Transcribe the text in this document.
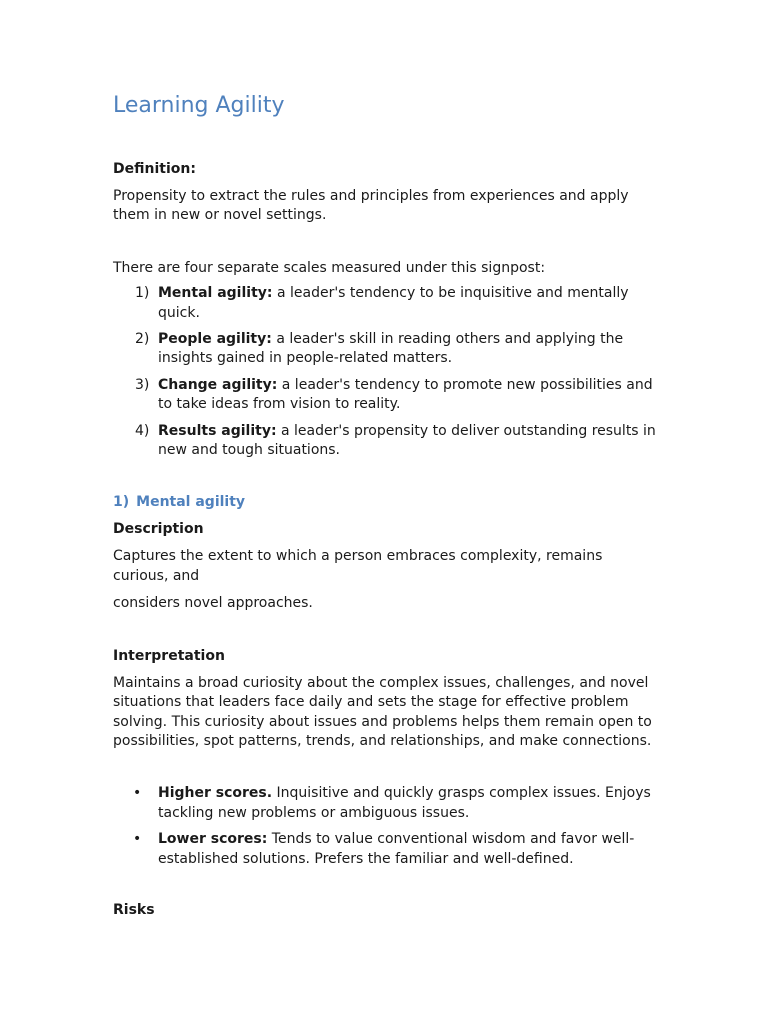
Learning Agility
Definition:

Propensity to extract the rules and principles from experiences and apply them in new or novel settings.

There are four separate scales measured under this signpost:

1) Mental agility: a leader's tendency to be inquisitive and mentally quick.
2) People agility: a leader's skill in reading others and applying the insights gained in people-related matters.
3) Change agility: a leader's tendency to promote new possibilities and to take ideas from vision to reality.
4) Results agility: a leader's propensity to deliver outstanding results in new and tough situations.
1) Mental agility
Description

Captures the extent to which a person embraces complexity, remains curious, and

considers novel approaches.

Interpretation

Maintains a broad curiosity about the complex issues, challenges, and novel situations that leaders face daily and sets the stage for effective problem solving. This curiosity about issues and problems helps them remain open to possibilities, spot patterns, trends, and relationships, and make connections.

• Higher scores. Inquisitive and quickly grasps complex issues. Enjoys tackling new problems or ambiguous issues.
• Lower scores: Tends to value conventional wisdom and favor well-established solutions. Prefers the familiar and well-defined.
Risks
